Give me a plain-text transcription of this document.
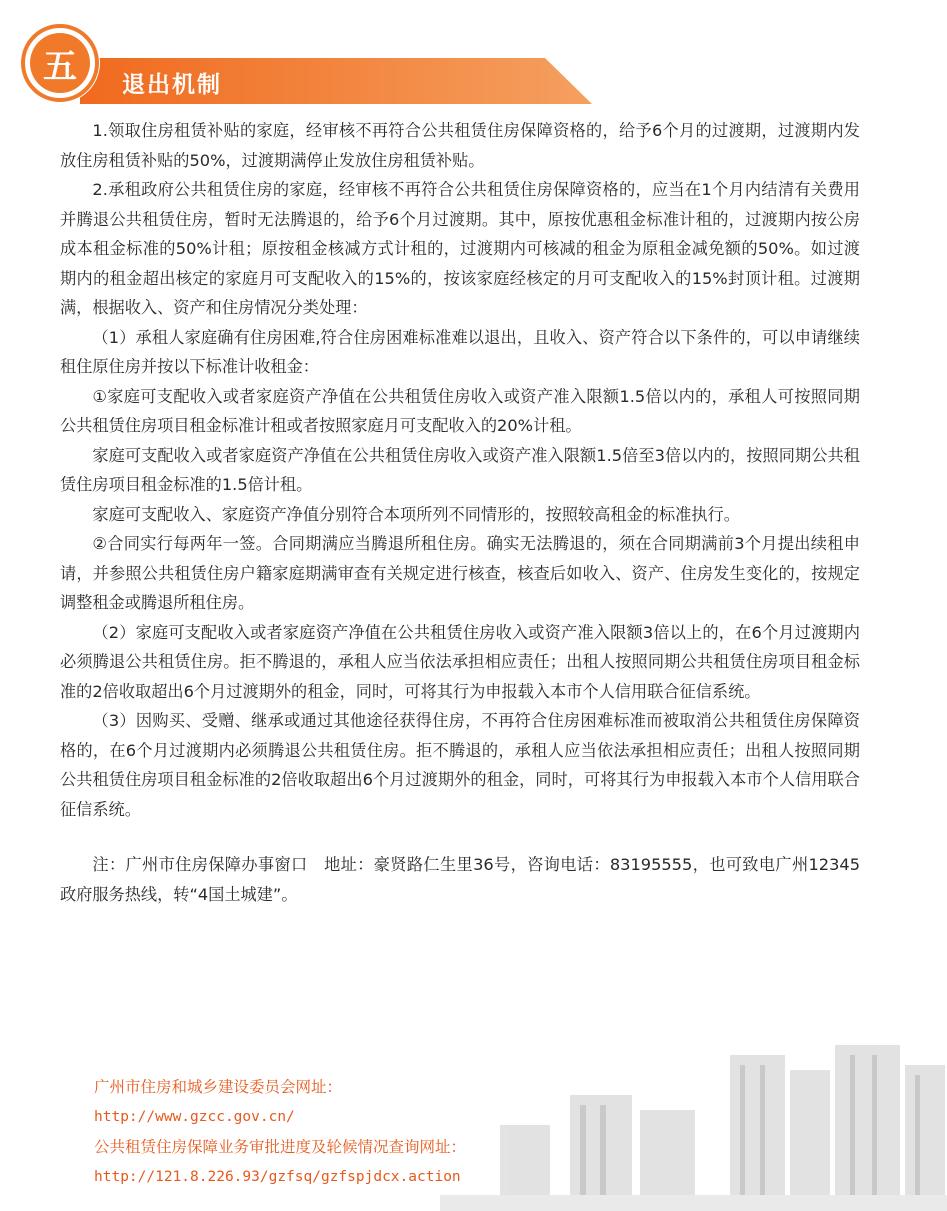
五	退出机制

1.领取住房租赁补贴的家庭，经审核不再符合公共租赁住房保障资格的，给予6个月的过渡期，过渡期内发放住房租赁补贴的50%，过渡期满停止发放住房租赁补贴。

2.承租政府公共租赁住房的家庭，经审核不再符合公共租赁住房保障资格的，应当在1个月内结清有关费用并腾退公共租赁住房，暂时无法腾退的，给予6个月过渡期。其中，原按优惠租金标准计租的，过渡期内按公房成本租金标准的50%计租；原按租金核减方式计租的，过渡期内可核减的租金为原租金减免额的50%。如过渡期内的租金超出核定的家庭月可支配收入的15%的，按该家庭经核定的月可支配收入的15%封顶计租。过渡期满，根据收入、资产和住房情况分类处理：

（1）承租人家庭确有住房困难,符合住房困难标准难以退出，且收入、资产符合以下条件的，可以申请继续租住原住房并按以下标准计收租金：

①家庭可支配收入或者家庭资产净值在公共租赁住房收入或资产准入限额1.5倍以内的，承租人可按照同期公共租赁住房项目租金标准计租或者按照家庭月可支配收入的20%计租。

家庭可支配收入或者家庭资产净值在公共租赁住房收入或资产准入限额1.5倍至3倍以内的，按照同期公共租赁住房项目租金标准的1.5倍计租。

家庭可支配收入、家庭资产净值分别符合本项所列不同情形的，按照较高租金的标准执行。

②合同实行每两年一签。合同期满应当腾退所租住房。确实无法腾退的，须在合同期满前3个月提出续租申请，并参照公共租赁住房户籍家庭期满审查有关规定进行核查，核查后如收入、资产、住房发生变化的，按规定调整租金或腾退所租住房。

（2）家庭可支配收入或者家庭资产净值在公共租赁住房收入或资产准入限额3倍以上的，在6个月过渡期内必须腾退公共租赁住房。拒不腾退的，承租人应当依法承担相应责任；出租人按照同期公共租赁住房项目租金标准的2倍收取超出6个月过渡期外的租金，同时，可将其行为申报载入本市个人信用联合征信系统。

（3）因购买、受赠、继承或通过其他途径获得住房，不再符合住房困难标准而被取消公共租赁住房保障资格的，在6个月过渡期内必须腾退公共租赁住房。拒不腾退的，承租人应当依法承担相应责任；出租人按照同期公共租赁住房项目租金标准的2倍收取超出6个月过渡期外的租金，同时，可将其行为申报载入本市个人信用联合征信系统。

注：广州市住房保障办事窗口　地址：豪贤路仁生里36号，咨询电话：83195555，也可致电广州12345政府服务热线，转“4国土城建”。

广州市住房和城乡建设委员会网址：
http://www.gzcc.gov.cn/
公共租赁住房保障业务审批进度及轮候情况查询网址：
http://121.8.226.93/gzfsq/gzfspjdcx.action
